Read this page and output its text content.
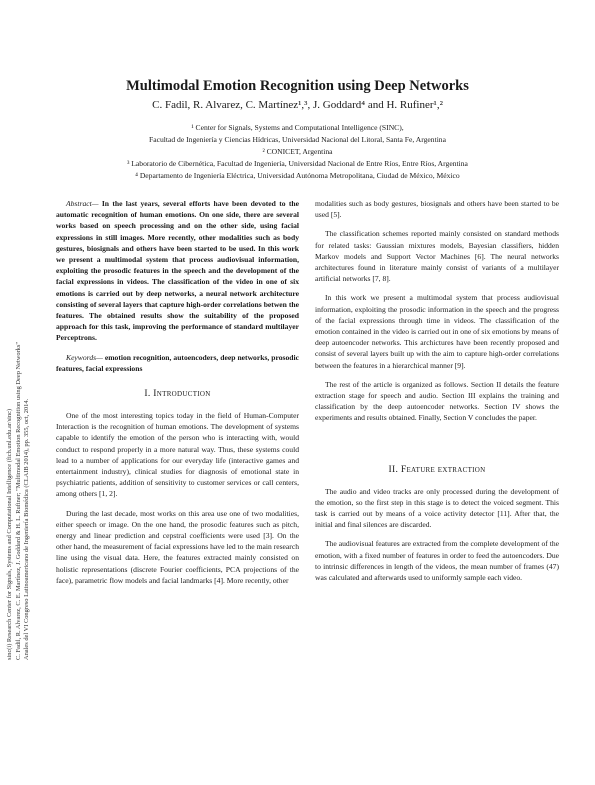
sinc(i) Research Center for Signals, Systems and Computational Intelligence (fich.unl.edu.ar/sinc) C. Fadil, R. Alvarez, C. E. Martínez, J. Goddard & H. L. Rufiner; "Multimodal Emotion Recognition using Deep Networks" Anales del VI Congreso Latinoamericano de Ingeniería Biomédica (CLAIB 2014), pp. 355, oct, 2014.
Multimodal Emotion Recognition using Deep Networks
C. Fadil, R. Alvarez, C. Martínez¹,³, J. Goddard⁴ and H. Rufiner¹,²
¹ Center for Signals, Systems and Computational Intelligence (SINC),
Facultad de Ingeniería y Ciencias Hídricas, Universidad Nacional del Litoral, Santa Fe, Argentina
² CONICET, Argentina
³ Laboratorio de Cibernética, Facultad de Ingeniería, Universidad Nacional de Entre Ríos, Entre Ríos, Argentina
⁴ Departamento de Ingeniería Eléctrica, Universidad Autónoma Metropolitana, Ciudad de México, México

Abstract— In the last years, several efforts have been devoted to the automatic recognition of human emotions. On one side, there are several works based on speech processing and on the other side, using facial expressions in still images. More recently, other modalities such as body gestures, biosignals and others have been started to be used. In this work we present a multimodal system that process audiovisual information, exploiting the prosodic features in the speech and the development of the facial expressions in videos. The classification of the video in one of six emotions is carried out by deep networks, a neural network architecture consisting of several layers that capture high-order correlations betwen the features. The obtained results show the suitability of the proposed approach for this task, improving the performance of standard multilayer Perceptrons.

Keywords— emotion recognition, autoencoders, deep networks, prosodic features, facial expressions

I. Introduction

One of the most interesting topics today in the field of Human-Computer Interaction is the recognition of human emotions. The development of systems capable to identify the emotion of the person who is interacting with, would conduct to respond properly in a more natural way. Thus, these systems could lead to a number of applications for our everyday life (interactive games and entertainment industry), clinical studies for diagnosis of emotional state in psychiatric patients, addition of sensitivity to customer services or call centers, among others [1, 2].

During the last decade, most works on this area use one of two modalities, either speech or image. On the one hand, the prosodic features such as pitch, energy and linear prediction and cepstral coefficients were used [3]. On the other hand, the measurement of facial expressions have led to the main research line using the visual data. Here, the features extracted mainly consisted on holistic representations (discrete Fourier coefficients, PCA projections of the face), parametric flow models and facial landmarks [4]. More recently, other

modalities such as body gestures, biosignals and others have been started to be used [5].

The classification schemes reported mainly consisted on standard methods for related tasks: Gaussian mixtures models, Bayesian classifiers, hidden Markov models and Support Vector Machines [6]. The neural networks architectures found in literature mainly consist of variants of a multilayer artificial networks [7, 8].

In this work we present a multimodal system that process audiovisual information, exploiting the prosodic information in the speech and the progress of the facial expressions through time in videos. The classification of the emotion contained in the video is carried out in one of six emotions by means of deep autoencoder networks. This archictures have been recently proposed and consist of several layers built up with the aim to capture high-order correlations between the features in a hierarchical manner [9].

The rest of the article is organized as follows. Section II details the feature extraction stage for speech and audio. Section III explains the training and classification by the deep autoencoder networks. Section IV shows the experiments and results obtained. Finally, Section V concludes the paper.

II. Feature extraction

The audio and video tracks are only processed during the development of the emotion, so the first step in this stage is to detect the voiced segment. This task is carried out by means of a voice activity detector [11]. After that, the initial and final silences are discarded.

The audiovisual features are extracted from the complete development of the emotion, with a fixed number of features in order to feed the autoencoders. Due to intrinsic differences in length of the videos, the mean number of frames (47) was calculated and afterwards used to uniformly sample each video.
